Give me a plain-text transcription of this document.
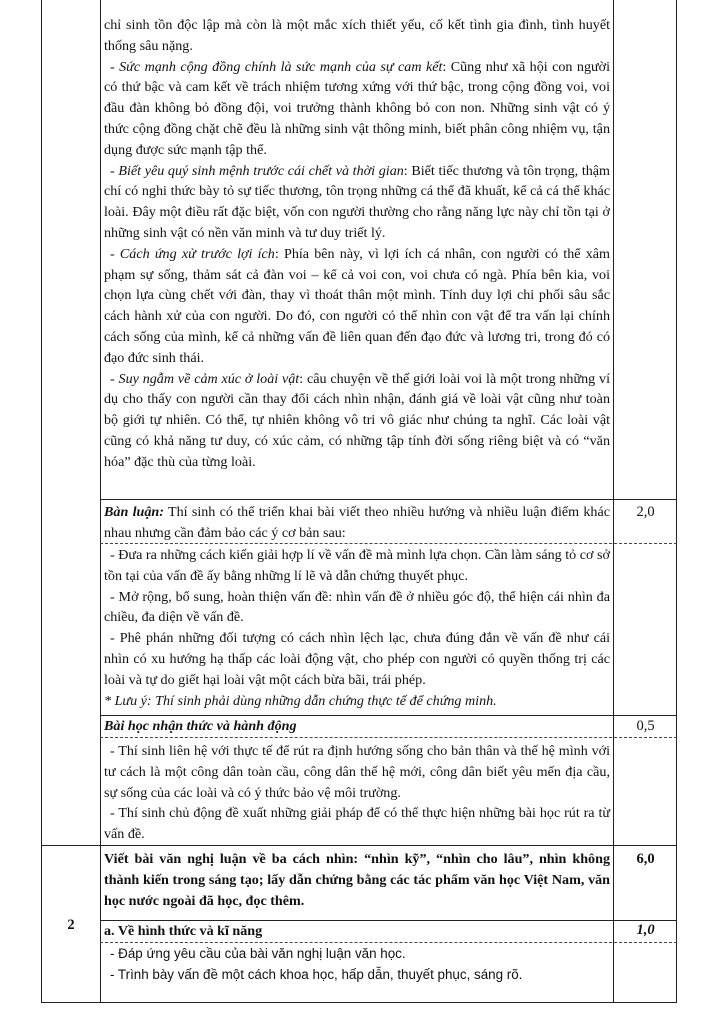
chỉ sinh tồn độc lập mà còn là một mắc xích thiết yếu, cố kết tình gia đình, tình huyết thống sâu nặng.

- Sức mạnh cộng đồng chính là sức mạnh của sự cam kết: Cũng như xã hội con người có thứ bậc và cam kết về trách nhiệm tương xứng với thứ bậc, trong cộng đồng voi, voi đầu đàn không bỏ đồng đội, voi trưởng thành không bỏ con non. Những sinh vật có ý thức cộng đồng chặt chẽ đều là những sinh vật thông minh, biết phân công nhiệm vụ, tận dụng được sức mạnh tập thể.

- Biết yêu quý sinh mệnh trước cái chết và thời gian: Biết tiếc thương và tôn trọng, thậm chí có nghi thức bày tỏ sự tiếc thương, tôn trọng những cá thể đã khuất, kể cả cá thể khác loài. Đây một điều rất đặc biệt, vốn con người thường cho rằng năng lực này chỉ tồn tại ở những sinh vật có nền văn minh và tư duy triết lý.

- Cách ứng xử trước lợi ích: Phía bên này, vì lợi ích cá nhân, con người có thể xâm phạm sự sống, thảm sát cả đàn voi – kể cả voi con, voi chưa có ngà. Phía bên kia, voi chọn lựa cùng chết với đàn, thay vì thoát thân một mình. Tính duy lợi chi phối sâu sắc cách hành xử của con người. Do đó, con người có thể nhìn con vật để tra vấn lại chính cách sống của mình, kể cả những vấn đề liên quan đến đạo đức và lương tri, trong đó có đạo đức sinh thái.

- Suy ngẫm về cảm xúc ở loài vật: câu chuyện về thế giới loài voi là một trong những ví dụ cho thấy con người cần thay đổi cách nhìn nhận, đánh giá về loài vật cũng như toàn bộ giới tự nhiên. Có thể, tự nhiên không vô tri vô giác như chúng ta nghĩ. Các loài vật cũng có khả năng tư duy, có xúc cảm, có những tập tính đời sống riêng biệt và có “văn hóa” đặc thù của từng loài.

Bàn luận: Thí sinh có thể triển khai bài viết theo nhiều hướng và nhiều luận điểm khác nhau nhưng cần đảm bảo các ý cơ bản sau:

2,0

- Đưa ra những cách kiến giải hợp lí về vấn đề mà mình lựa chọn. Cần làm sáng tỏ cơ sở tồn tại của vấn đề ấy bằng những lí lẽ và dẫn chứng thuyết phục.

- Mở rộng, bổ sung, hoàn thiện vấn đề: nhìn vấn đề ở nhiều góc độ, thể hiện cái nhìn đa chiều, đa diện về vấn đề.

- Phê phán những đối tượng có cách nhìn lệch lạc, chưa đúng đắn về vấn đề như cái nhìn có xu hướng hạ thấp các loài động vật, cho phép con người có quyền thống trị các loài và tự do giết hại loài vật một cách bừa bãi, trái phép.

* Lưu ý: Thí sinh phải dùng những dẫn chứng thực tế để chứng minh.

Bài học nhận thức và hành động	0,5

- Thí sinh liên hệ với thực tế để rút ra định hướng sống cho bản thân và thế hệ mình với tư cách là một công dân toàn cầu, công dân thế hệ mới, công dân biết yêu mến địa cầu, sự sống của các loài và có ý thức bảo vệ môi trường.

- Thí sinh chủ động đề xuất những giải pháp để có thể thực hiện những bài học rút ra từ vấn đề.

2

Viết bài văn nghị luận về ba cách nhìn: “nhìn kỹ”, “nhìn cho lâu”, nhìn không thành kiến trong sáng tạo; lấy dẫn chứng bằng các tác phẩm văn học Việt Nam, văn học nước ngoài đã học, đọc thêm.

6,0

a. Về hình thức và kĩ năng	1,0

- Đáp ứng yêu cầu của bài văn nghị luận văn học.

- Trình bày vấn đề một cách khoa học, hấp dẫn, thuyết phục, sáng rõ.
